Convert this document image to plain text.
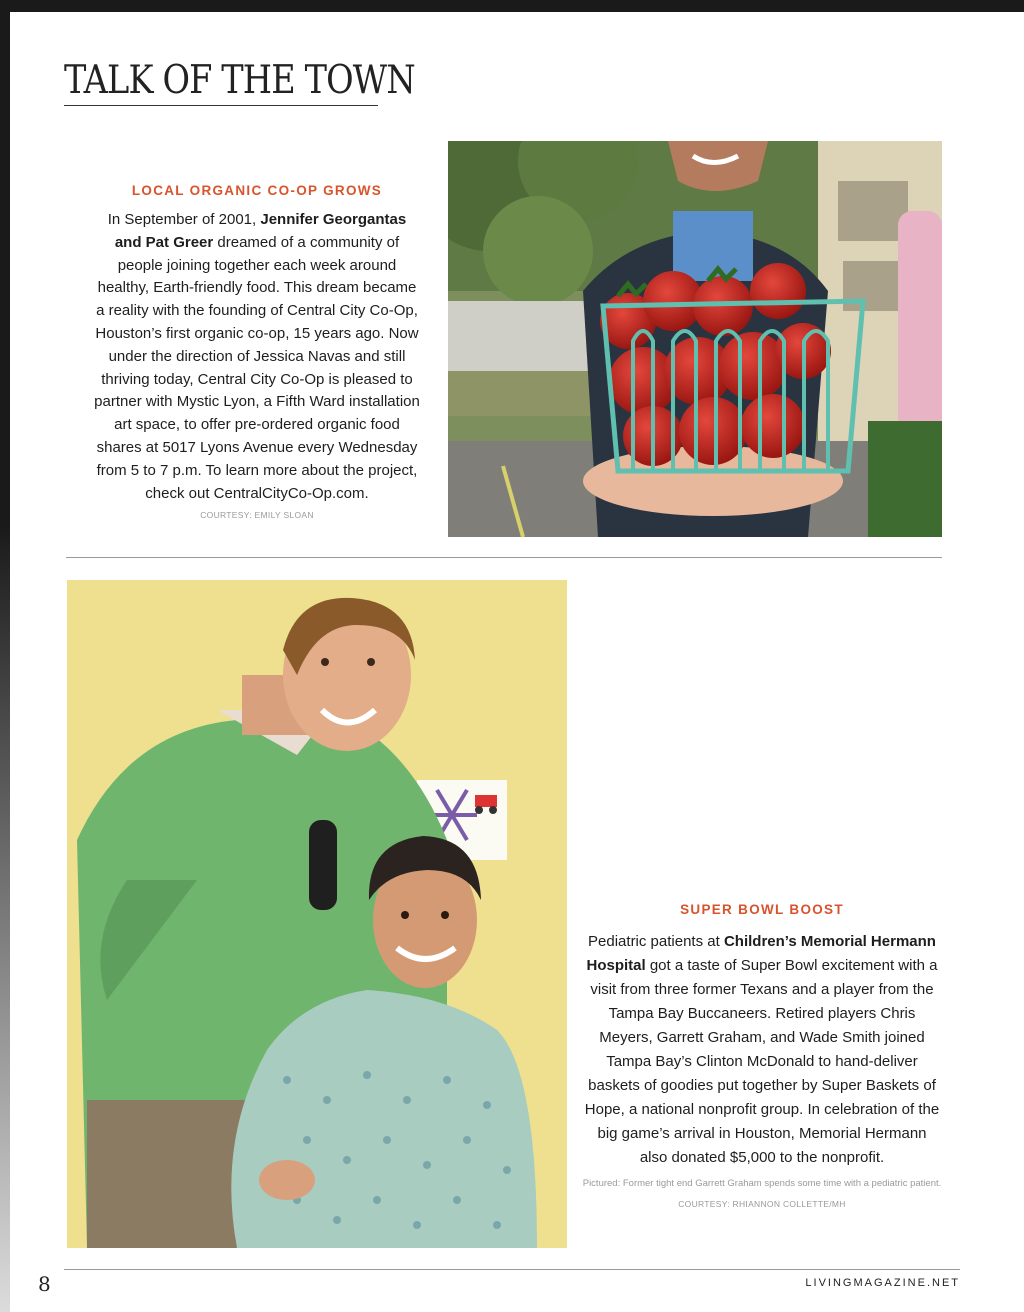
TALK OF THE TOWN

LOCAL ORGANIC CO-OP GROWS

In September of 2001, Jennifer Georgantas and Pat Greer dreamed of a community of people joining together each week around healthy, Earth-friendly food. This dream became a reality with the founding of Central City Co-Op, Houston’s first organic co-op, 15 years ago. Now under the direction of Jessica Navas and still thriving today, Central City Co-Op is pleased to partner with Mystic Lyon, a Fifth Ward installation art space, to offer pre-ordered organic food shares at 5017 Lyons Avenue every Wednesday from 5 to 7 p.m. To learn more about the project, check out CentralCityCo-Op.com.

COURTESY: EMILY SLOAN

SUPER BOWL BOOST

Pediatric patients at Children’s Memorial Hermann Hospital got a taste of Super Bowl excitement with a visit from three former Texans and a player from the Tampa Bay Buccaneers. Retired players Chris Meyers, Garrett Graham, and Wade Smith joined Tampa Bay’s Clinton McDonald to hand-deliver baskets of goodies put together by Super Baskets of Hope, a national nonprofit group. In celebration of the big game’s arrival in Houston, Memorial Hermann also donated $5,000 to the nonprofit.

Pictured: Former tight end Garrett Graham spends some time with a pediatric patient.
COURTESY: RHIANNON COLLETTE/MH
8	LIVINGMAGAZINE.NET
